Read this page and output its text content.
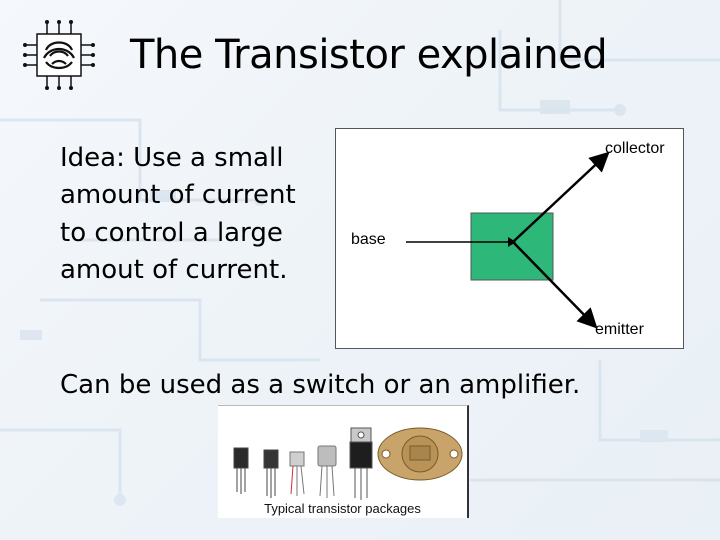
The Transistor explained
Idea: Use a small
amount of current
to control a large
amout of current.
collector
base
emitter
Can be used as a switch or an amplifier.
Typical transistor packages
